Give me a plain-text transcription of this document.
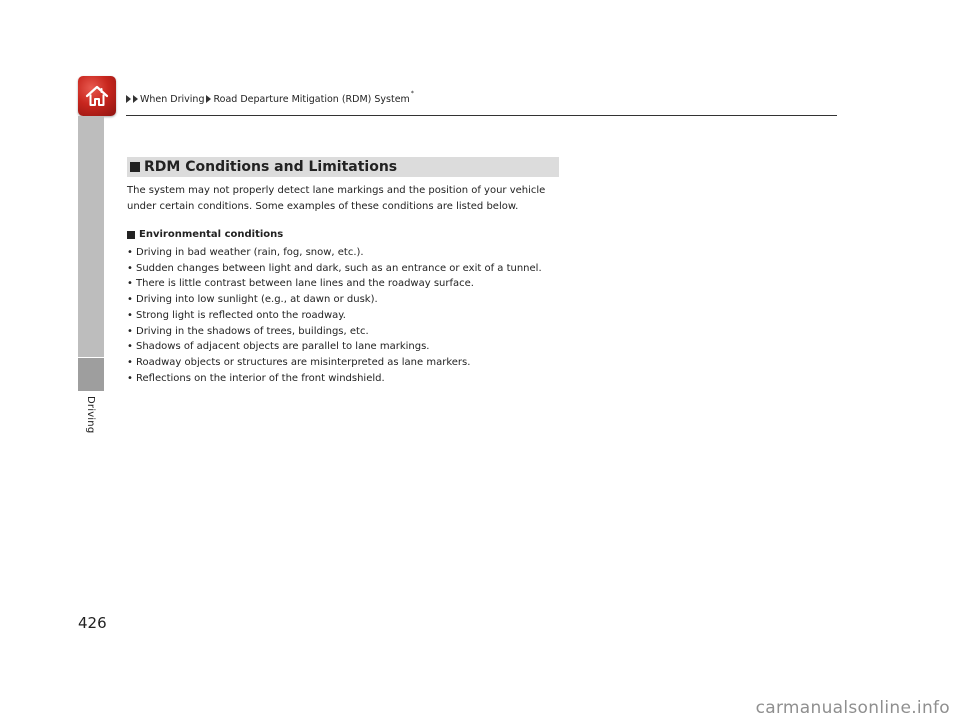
When Driving Road Departure Mitigation (RDM) System*
Driving
RDM Conditions and Limitations
The system may not properly detect lane markings and the position of your vehicle
under certain conditions. Some examples of these conditions are listed below.
Environmental conditions
• Driving in bad weather (rain, fog, snow, etc.).
• Sudden changes between light and dark, such as an entrance or exit of a tunnel.
• There is little contrast between lane lines and the roadway surface.
• Driving into low sunlight (e.g., at dawn or dusk).
• Strong light is reflected onto the roadway.
• Driving in the shadows of trees, buildings, etc.
• Shadows of adjacent objects are parallel to lane markings.
• Roadway objects or structures are misinterpreted as lane markers.
• Reflections on the interior of the front windshield.
426
carmanualsonline.info
